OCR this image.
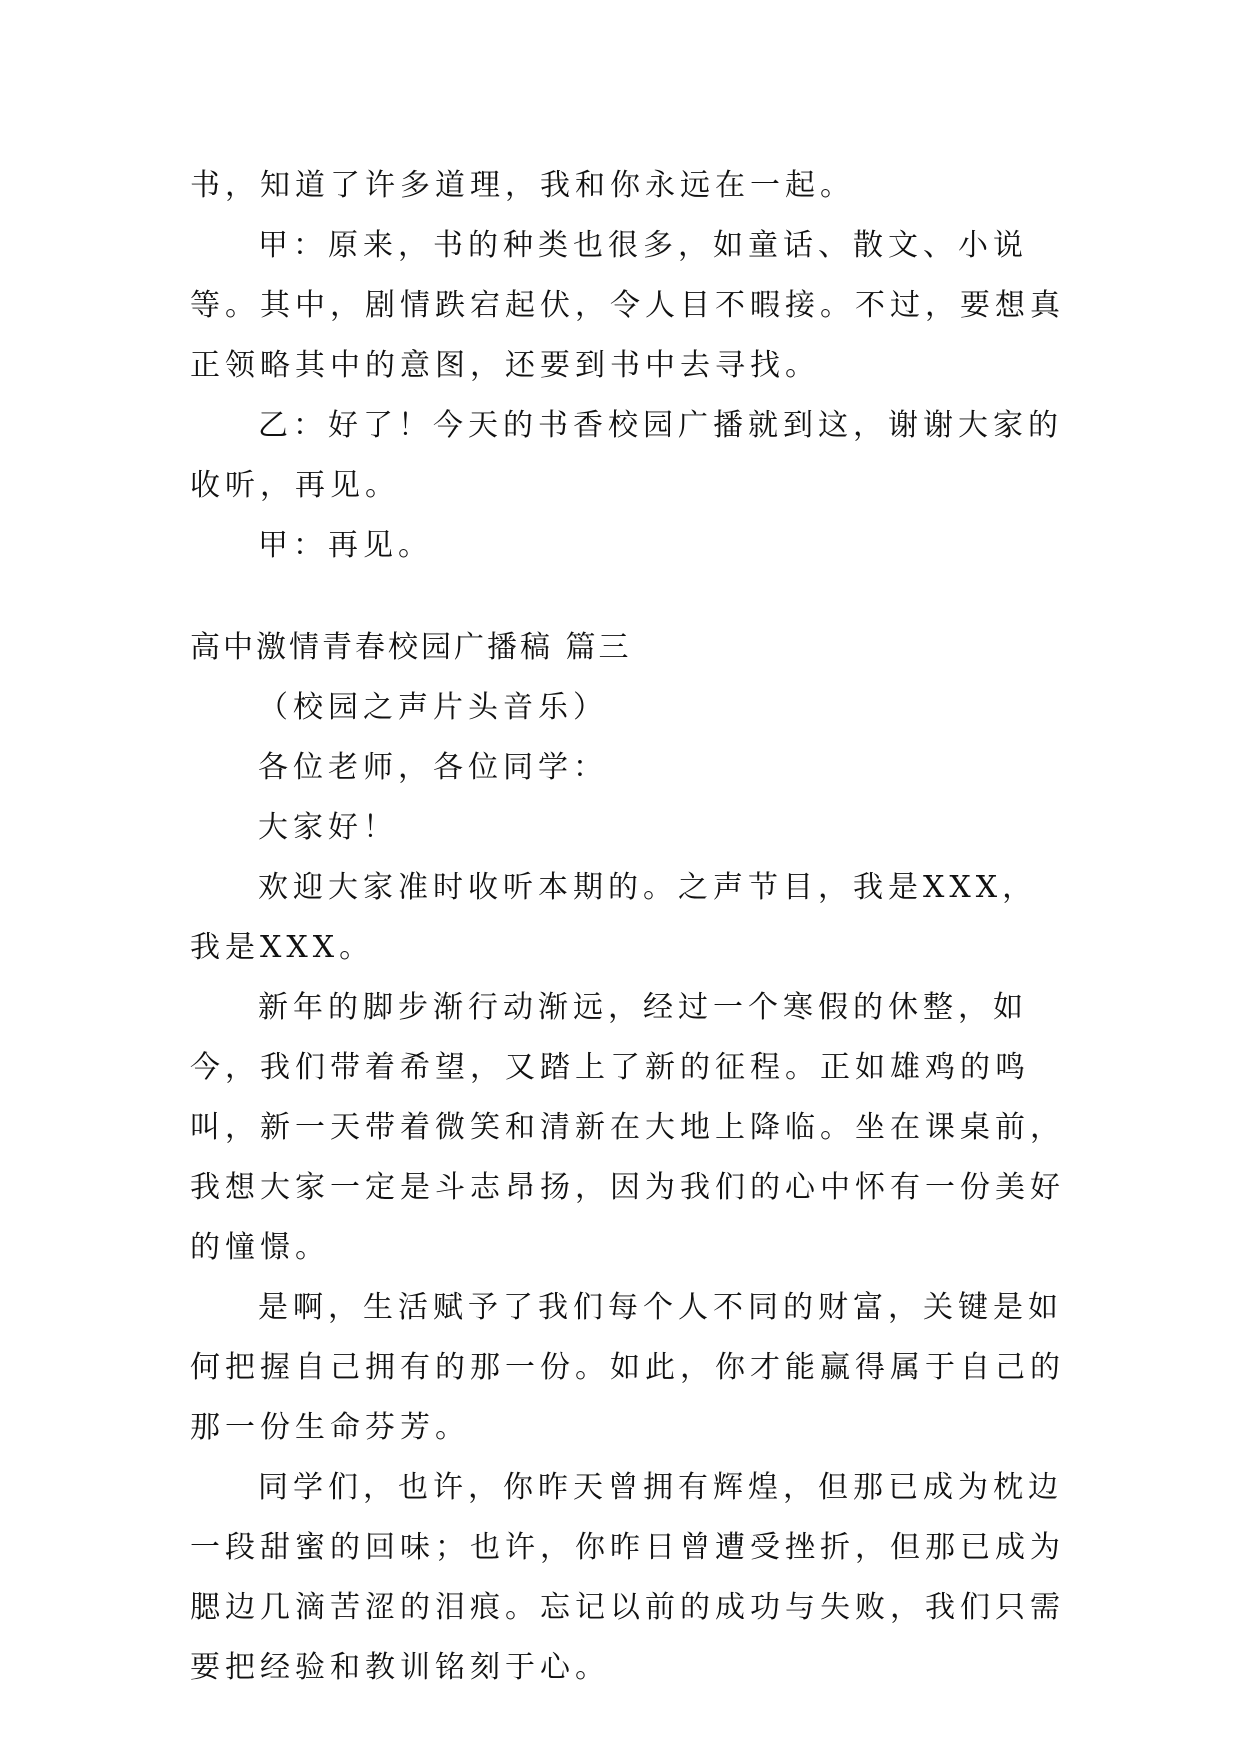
书，知道了许多道理，我和你永远在一起。

甲：原来，书的种类也很多，如童话、散文、小说等。其中，剧情跌宕起伏，令人目不暇接。不过，要想真正领略其中的意图，还要到书中去寻找。

乙：好了！今天的书香校园广播就到这，谢谢大家的收听，再见。

甲：再见。

高中激情青春校园广播稿 篇三

（校园之声片头音乐）

各位老师，各位同学：

大家好！

欢迎大家准时收听本期的。之声节目，我是XXX，我是XXX。

新年的脚步渐行动渐远，经过一个寒假的休整，如今，我们带着希望，又踏上了新的征程。正如雄鸡的鸣叫，新一天带着微笑和清新在大地上降临。坐在课桌前，我想大家一定是斗志昂扬，因为我们的心中怀有一份美好的憧憬。

是啊，生活赋予了我们每个人不同的财富，关键是如何把握自己拥有的那一份。如此，你才能赢得属于自己的那一份生命芬芳。

同学们，也许，你昨天曾拥有辉煌，但那已成为枕边一段甜蜜的回味；也许，你昨日曾遭受挫折，但那已成为腮边几滴苦涩的泪痕。忘记以前的成功与失败，我们只需要把经验和教训铭刻于心。
